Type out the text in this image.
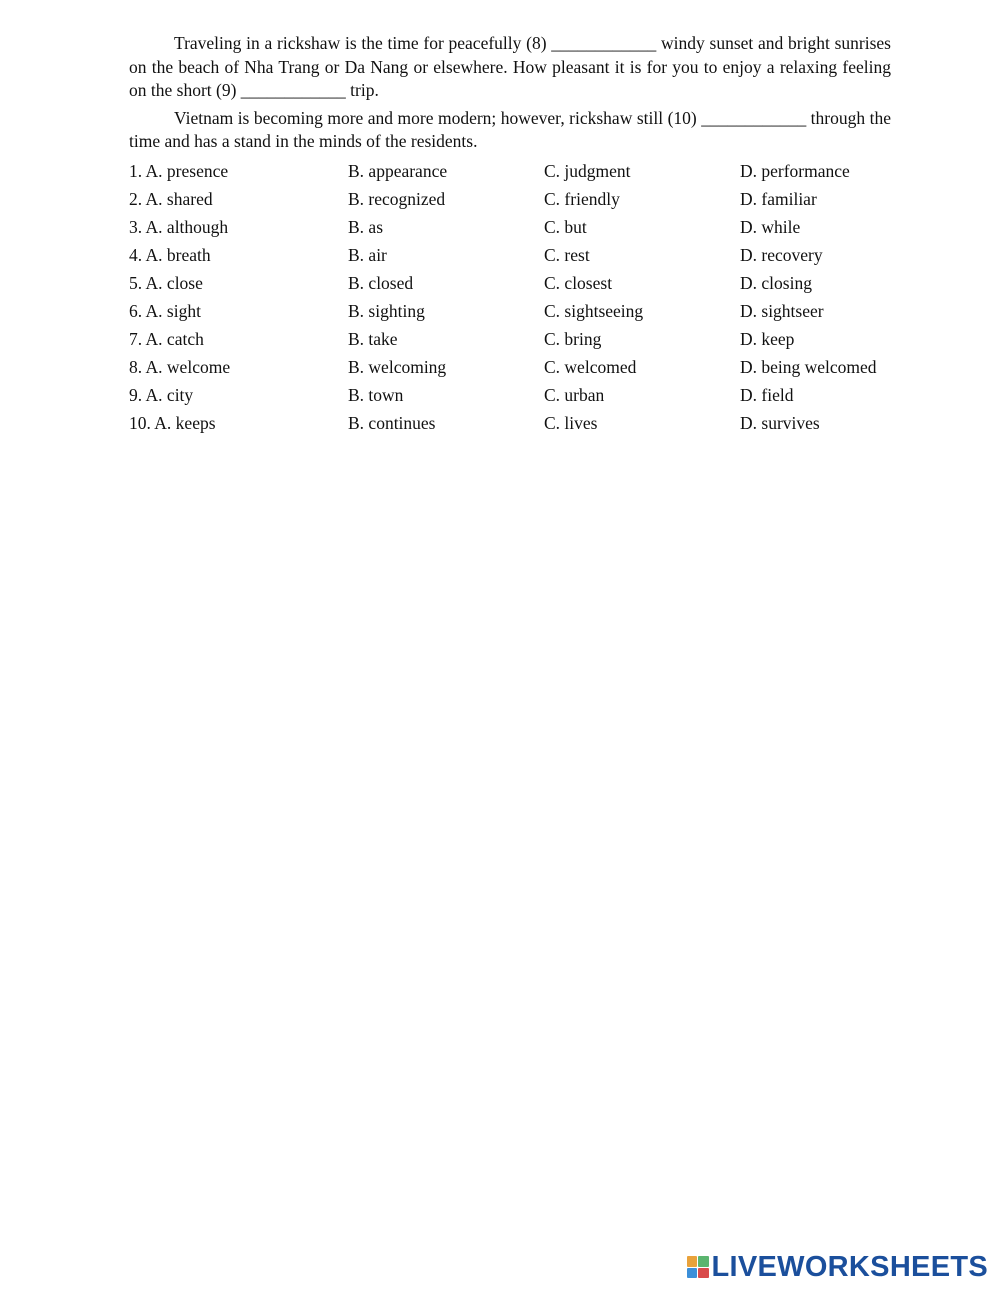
Traveling in a rickshaw is the time for peacefully (8) ____________ windy sunset and bright sunrises on the beach of Nha Trang or Da Nang or elsewhere. How pleasant it is for you to enjoy a relaxing feeling on the short (9) ____________ trip.

Vietnam is becoming more and more modern; however, rickshaw still (10) ____________ through the time and has a stand in the minds of the residents.

1. A. presence	B. appearance	C. judgment	D. performance
2. A. shared	B. recognized	C. friendly	D. familiar
3. A. although	B. as	C. but	D. while
4. A. breath	B. air	C. rest	D. recovery
5. A. close	B. closed	C. closest	D. closing
6. A. sight	B. sighting	C. sightseeing	D. sightseer
7. A. catch	B. take	C. bring	D. keep
8. A. welcome	B. welcoming	C. welcomed	D. being welcomed
9. A. city	B. town	C. urban	D. field
10. A. keeps	B. continues	C. lives	D. survives
LIVEWORKSHEETS
